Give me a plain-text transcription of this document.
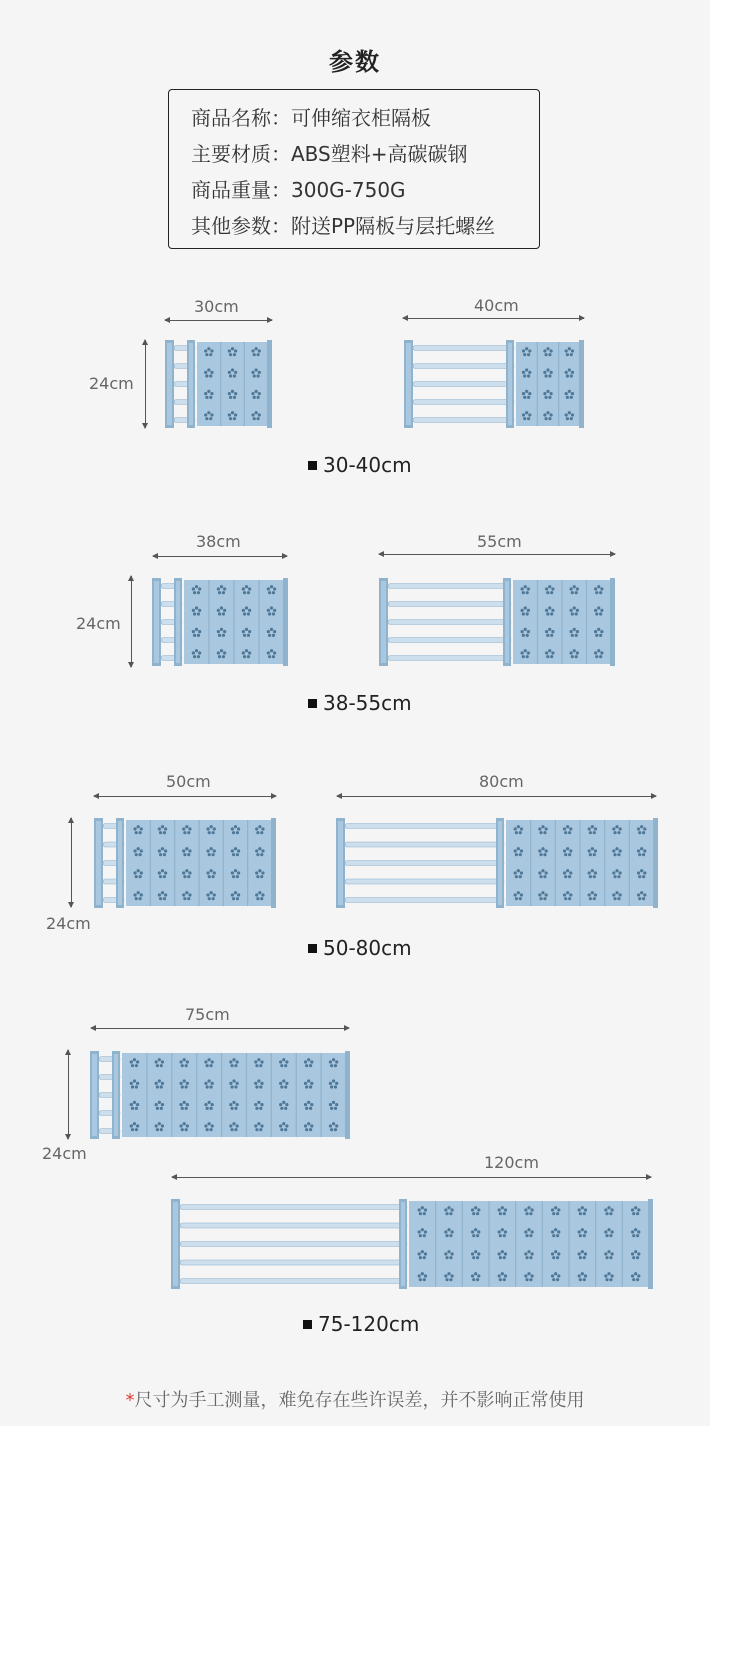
参数
商品名称：可伸缩衣柜隔板
主要材质：ABS塑料+高碳碳钢
商品重量：300G-750G
其他参数：附送PP隔板与层托螺丝
30cm	40cm
24cm
30-40cm
38cm	55cm
24cm
38-55cm
50cm	80cm
24cm
50-80cm
75cm
24cm	120cm
75-120cm
*尺寸为手工测量，难免存在些许误差，并不影响正常使用
